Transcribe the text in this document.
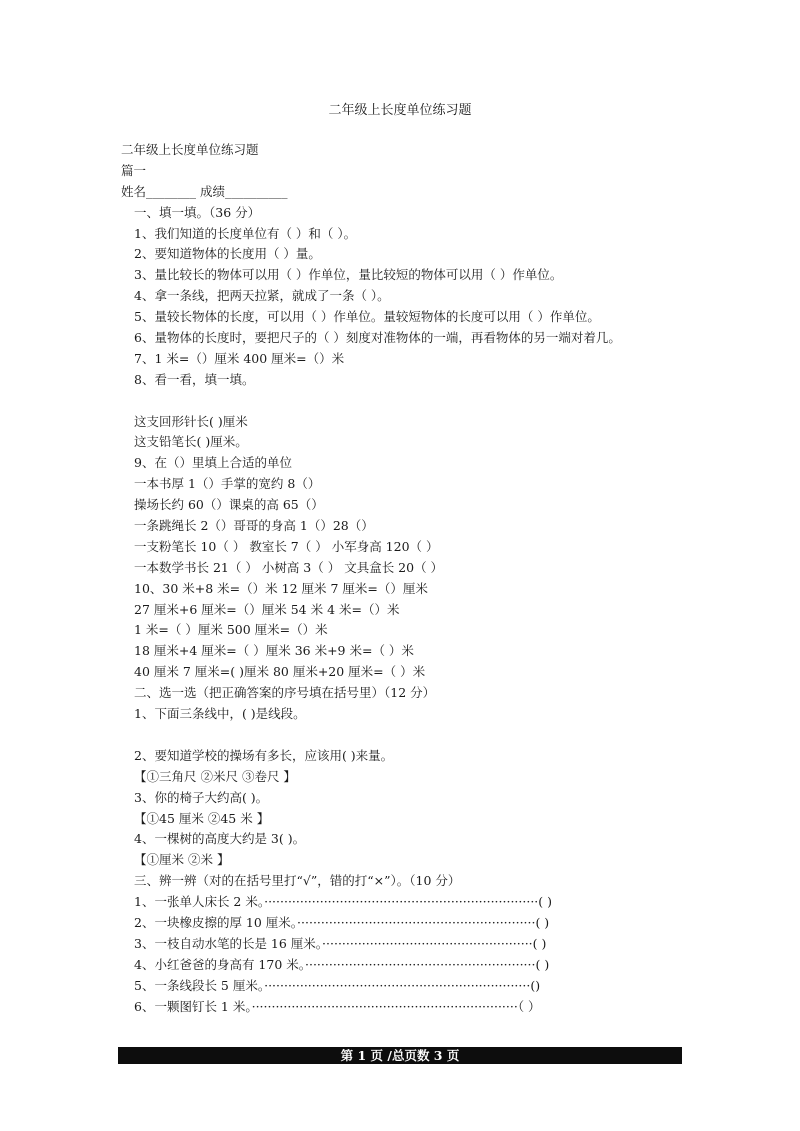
二年级上长度单位练习题
二年级上长度单位练习题
篇一
姓名________ 成绩__________
一、填一填。（36 分）
1、我们知道的长度单位有（ ）和（ ）。
2、要知道物体的长度用（ ）量。
3、量比较长的物体可以用（ ）作单位，量比较短的物体可以用（ ）作单位。
4、拿一条线，把两天拉紧，就成了一条（ ）。
5、量较长物体的长度，可以用（ ）作单位。量较短物体的长度可以用（ ）作单位。
6、量物体的长度时，要把尺子的（ ）刻度对准物体的一端，再看物体的另一端对着几。
7、1 米=（）厘米 400 厘米=（）米
8、看一看，填一填。
这支回形针长( )厘米
这支铅笔长( )厘米。
9、在（）里填上合适的单位
一本书厚 1（）手掌的宽约 8（）
操场长约 60（）课桌的高 65（）
一条跳绳长 2（）哥哥的身高 1（）28（）
一支粉笔长 10（ ） 教室长 7（ ） 小军身高 120（ ）
一本数学书长 21（ ） 小树高 3（ ） 文具盒长 20（ ）
10、30 米+8 米=（）米 12 厘米 7 厘米=（）厘米
27 厘米+6 厘米=（）厘米 54 米 4 米=（）米
1 米=（ ）厘米 500 厘米=（）米
18 厘米+4 厘米=（ ）厘米 36 米+9 米=（ ）米
40 厘米 7 厘米=( )厘米 80 厘米+20 厘米=（ ）米
二、选一选（把正确答案的序号填在括号里）（12 分）
1、下面三条线中，( )是线段。
2、要知道学校的操场有多长，应该用( )来量。
【①三角尺 ②米尺 ③卷尺 】
3、你的椅子大约高( )。
【①45 厘米 ②45 米 】
4、一棵树的高度大约是 3( )。
【①厘米 ②米 】
三、辨一辨（对的在括号里打“√”，错的打“×”）。（10 分）
1、一张单人床长 2 米。·····································································( )
2、一块橡皮擦的厚 10 厘米。····························································( )
3、一枝自动水笔的长是 16 厘米。·····················································( )
4、小红爸爸的身高有 170 米。··························································( )
5、一条线段长 5 厘米。···································································()
6、一颗图钉长 1 米。···································································（ ）
第 1 页 /总页数 3 页
